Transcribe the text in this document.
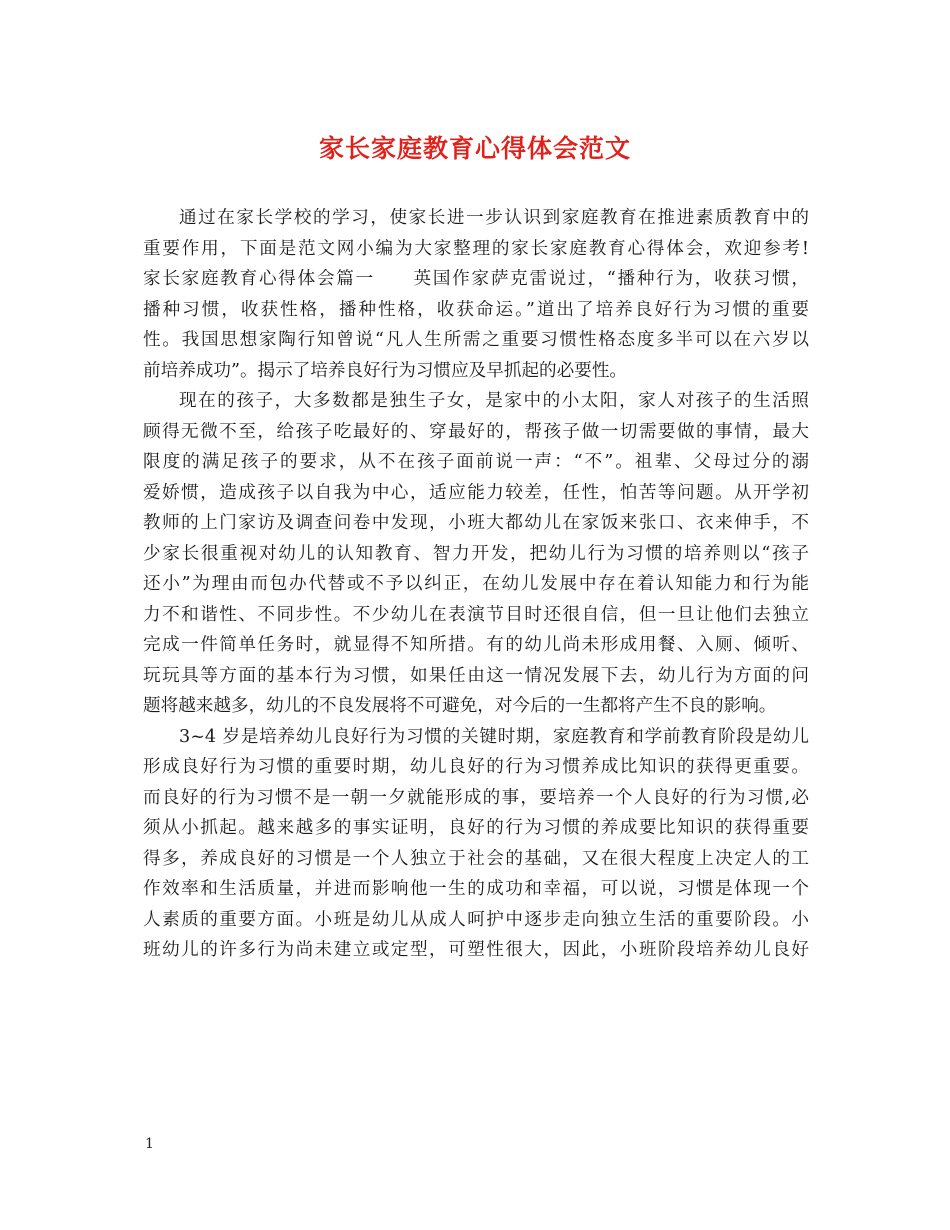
家长家庭教育心得体会范文
通过在家长学校的学习，使家长进一步认识到家庭教育在推进素质教育中的
重要作用，下面是范文网小编为大家整理的家长家庭教育心得体会，欢迎参考!
家长家庭教育心得体会篇一　　英国作家萨克雷说过，“播种行为，收获习惯，
播种习惯，收获性格，播种性格，收获命运。”道出了培养良好行为习惯的重要
性。我国思想家陶行知曾说“凡人生所需之重要习惯性格态度多半可以在六岁以
前培养成功”。揭示了培养良好行为习惯应及早抓起的必要性。
现在的孩子，大多数都是独生子女，是家中的小太阳，家人对孩子的生活照
顾得无微不至，给孩子吃最好的、穿最好的，帮孩子做一切需要做的事情，最大
限度的满足孩子的要求，从不在孩子面前说一声：“不”。祖辈、父母过分的溺
爱娇惯，造成孩子以自我为中心，适应能力较差，任性，怕苦等问题。从开学初
教师的上门家访及调查问卷中发现，小班大都幼儿在家饭来张口、衣来伸手，不
少家长很重视对幼儿的认知教育、智力开发，把幼儿行为习惯的培养则以“孩子
还小”为理由而包办代替或不予以纠正，在幼儿发展中存在着认知能力和行为能
力不和谐性、不同步性。不少幼儿在表演节目时还很自信，但一旦让他们去独立
完成一件简单任务时，就显得不知所措。有的幼儿尚未形成用餐、入厕、倾听、
玩玩具等方面的基本行为习惯，如果任由这一情况发展下去，幼儿行为方面的问
题将越来越多，幼儿的不良发展将不可避免，对今后的一生都将产生不良的影响。
3~4 岁是培养幼儿良好行为习惯的关键时期，家庭教育和学前教育阶段是幼儿
形成良好行为习惯的重要时期，幼儿良好的行为习惯养成比知识的获得更重要。
而良好的行为习惯不是一朝一夕就能形成的事，要培养一个人良好的行为习惯,必
须从小抓起。越来越多的事实证明，良好的行为习惯的养成要比知识的获得重要
得多，养成良好的习惯是一个人独立于社会的基础，又在很大程度上决定人的工
作效率和生活质量，并进而影响他一生的成功和幸福，可以说，习惯是体现一个
人素质的重要方面。小班是幼儿从成人呵护中逐步走向独立生活的重要阶段。小
班幼儿的许多行为尚未建立或定型，可塑性很大，因此，小班阶段培养幼儿良好
1
